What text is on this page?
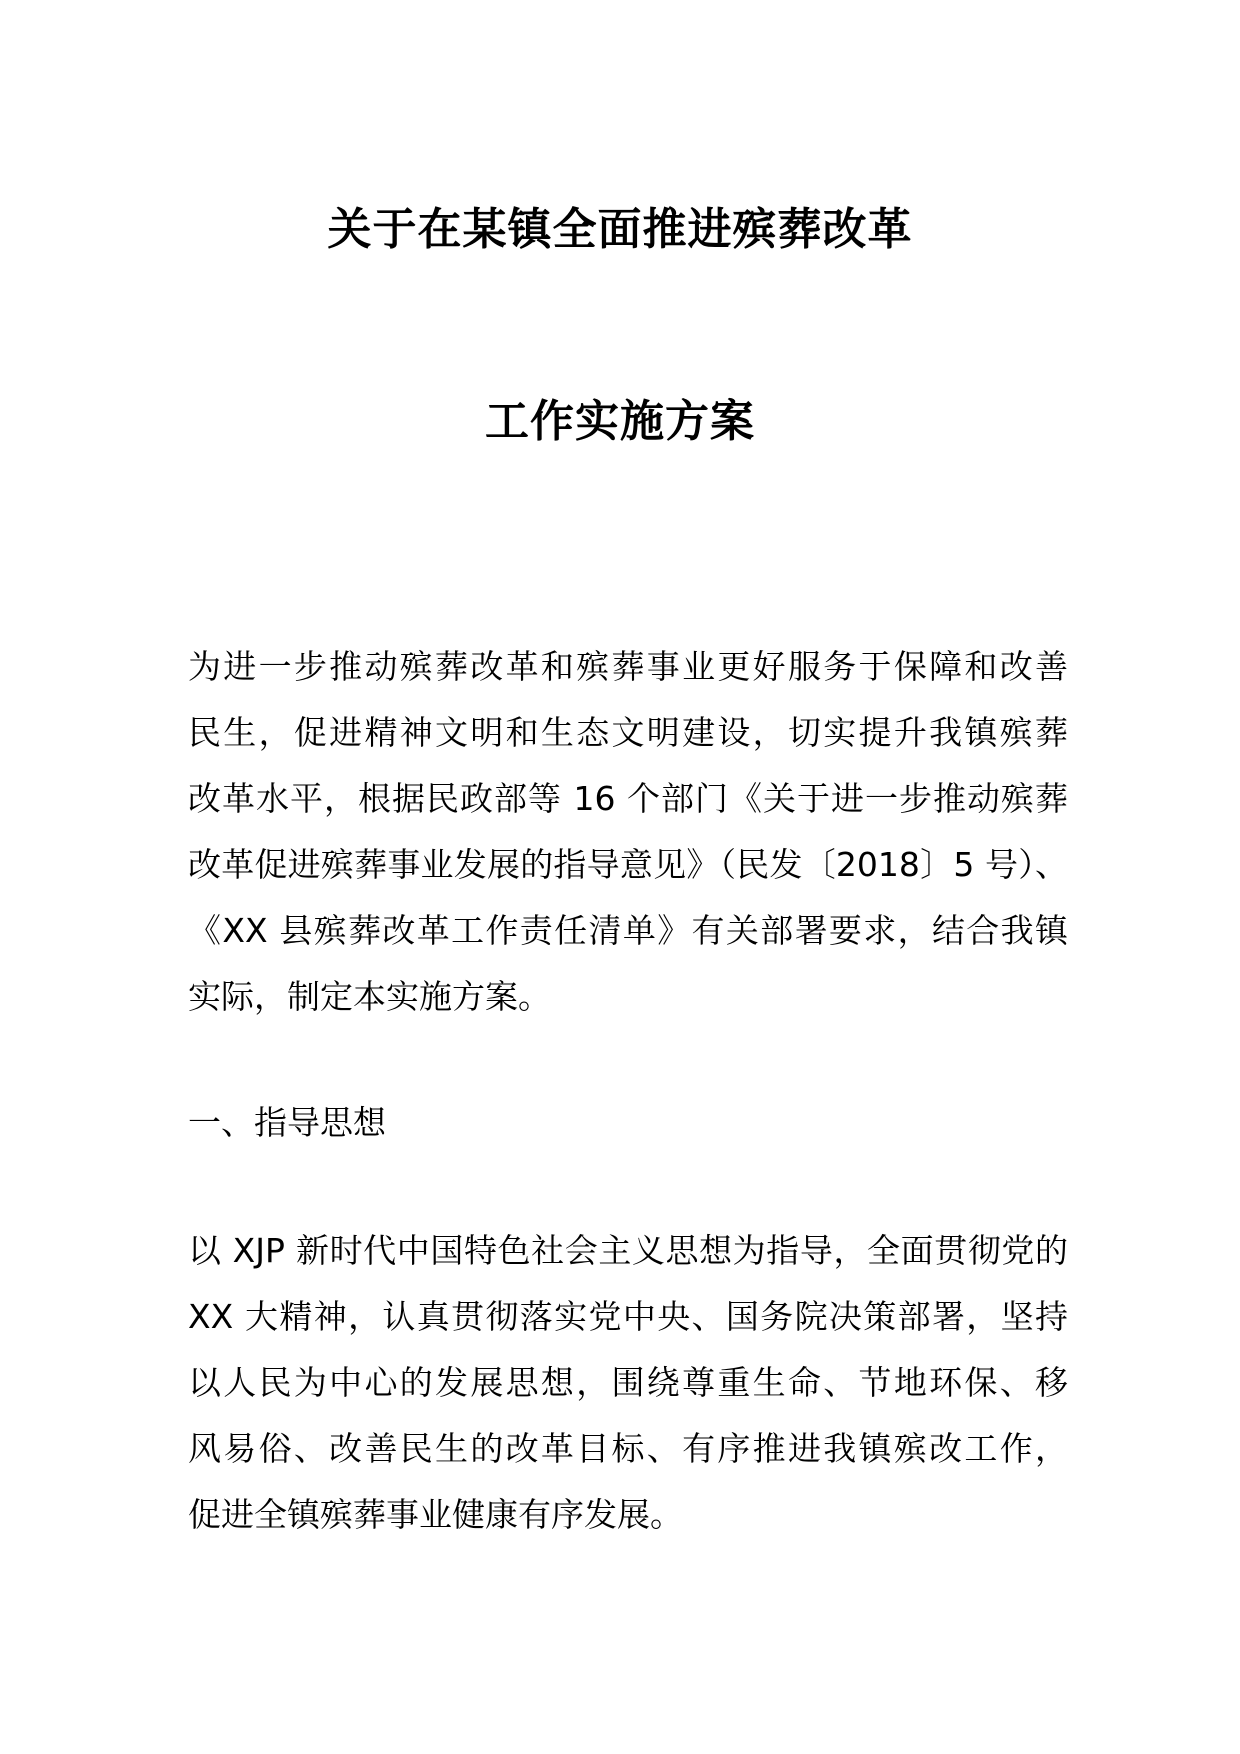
关于在某镇全面推进殡葬改革
工作实施方案
为进一步推动殡葬改革和殡葬事业更好服务于保障和改善
民生，促进精神文明和生态文明建设，切实提升我镇殡葬
改革水平，根据民政部等 16 个部门《关于进一步推动殡葬
改革促进殡葬事业发展的指导意见》（民发〔2018〕5 号）、
《XX 县殡葬改革工作责任清单》有关部署要求，结合我镇
实际，制定本实施方案。
一、指导思想
以 XJP 新时代中国特色社会主义思想为指导，全面贯彻党的
XX 大精神，认真贯彻落实党中央、国务院决策部署，坚持
以人民为中心的发展思想，围绕尊重生命、节地环保、移
风易俗、改善民生的改革目标、有序推进我镇殡改工作，
促进全镇殡葬事业健康有序发展。
